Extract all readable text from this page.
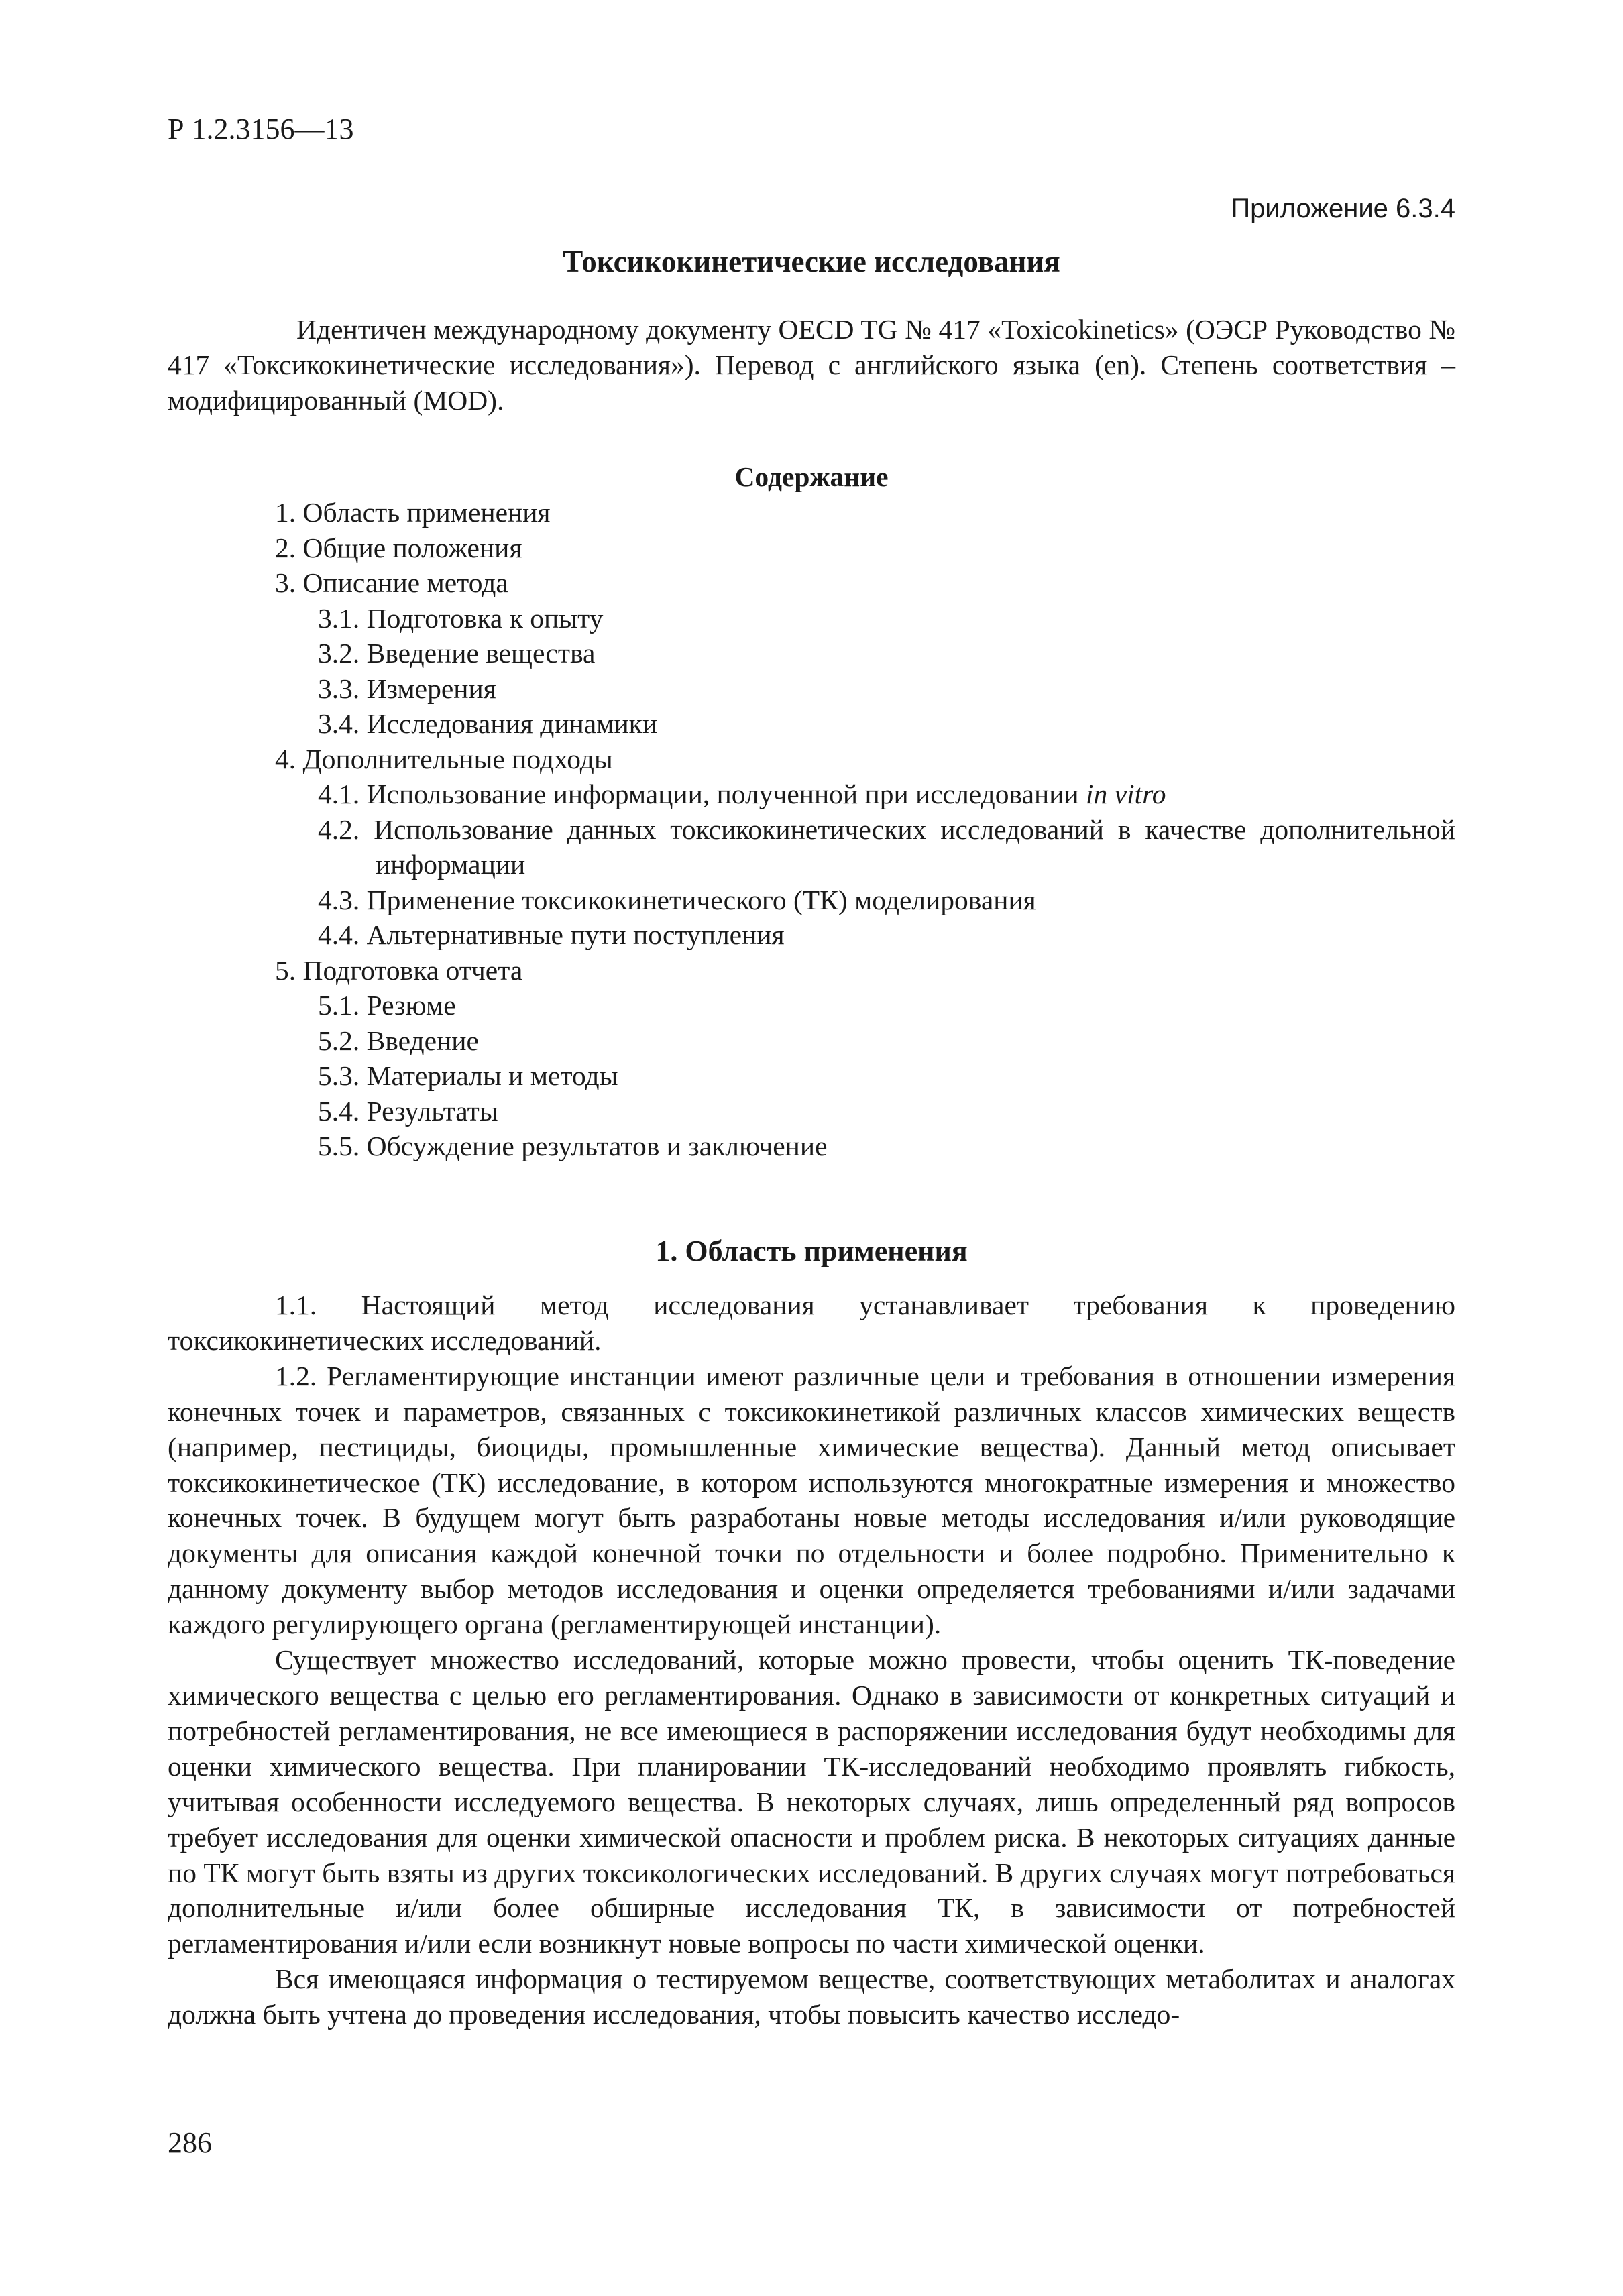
Р 1.2.3156—13
Приложение 6.3.4
Токсикокинетические исследования

Идентичен международному документу OECD TG № 417 «Toxicokinetics» (ОЭСР Руководство № 417 «Токсикокинетические исследования»). Перевод с английского языка (en). Степень соответствия – модифицированный (MOD).

Содержание
1. Область применения
2. Общие положения
3. Описание метода
3.1. Подготовка к опыту
3.2. Введение вещества
3.3. Измерения
3.4. Исследования динамики
4. Дополнительные подходы
4.1. Использование информации, полученной при исследовании in vitro
4.2. Использование данных токсикокинетических исследований в качестве дополнительной информации
4.3. Применение токсикокинетического (ТК) моделирования
4.4. Альтернативные пути поступления
5. Подготовка отчета
5.1. Резюме
5.2. Введение
5.3. Материалы и методы
5.4. Результаты
5.5. Обсуждение результатов и заключение
1. Область применения

1.1. Настоящий метод исследования устанавливает требования к проведению токсикокинетических исследований.

1.2. Регламентирующие инстанции имеют различные цели и требования в отношении измерения конечных точек и параметров, связанных с токсикокинетикой различных классов химических веществ (например, пестициды, биоциды, промышленные химические вещества). Данный метод описывает токсикокинетическое (ТК) исследование, в котором используются многократные измерения и множество конечных точек. В будущем могут быть разработаны новые методы исследования и/или руководящие документы для описания каждой конечной точки по отдельности и более подробно. Применительно к данному документу выбор методов исследования и оценки определяется требованиями и/или задачами каждого регулирующего органа (регламентирующей инстанции).

Существует множество исследований, которые можно провести, чтобы оценить ТК-поведение химического вещества с целью его регламентирования. Однако в зависимости от конкретных ситуаций и потребностей регламентирования, не все имеющиеся в распоряжении исследования будут необходимы для оценки химического вещества. При планировании ТК-исследований необходимо проявлять гибкость, учитывая особенности исследуемого вещества. В некоторых случаях, лишь определенный ряд вопросов требует исследования для оценки химической опасности и проблем риска. В некоторых ситуациях данные по ТК могут быть взяты из других токсикологических исследований. В других случаях могут потребоваться дополнительные и/или более обширные исследования ТК, в зависимости от потребностей регламентирования и/или если возникнут новые вопросы по части химической оценки.

Вся имеющаяся информация о тестируемом веществе, соответствующих метаболитах и аналогах должна быть учтена до проведения исследования, чтобы повысить качество исследо-

286
